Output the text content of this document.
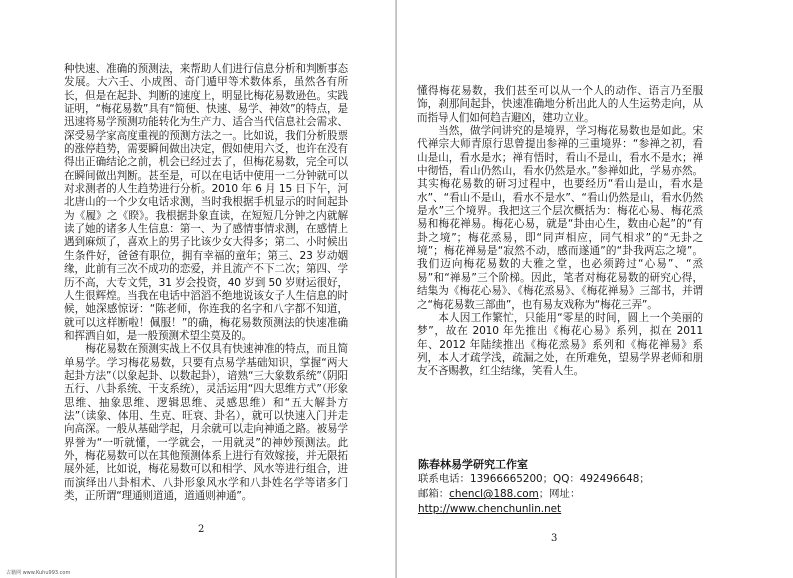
种快速、准确的预测法，来帮助人们进行信息分析和判断事态发展。大六壬、小成图、奇门遁甲等术数体系，虽然各有所长，但是在起卦、判断的速度上，明显比梅花易数逊色。实践证明，“梅花易数”具有“简便、快速、易学、神效”的特点，是迅速将易学预测功能转化为生产力、适合当代信息社会需求、深受易学家高度重视的预测方法之一。比如说，我们分析股票的涨停趋势，需要瞬间做出决定，假如使用六爻，也许在没有得出正确结论之前，机会已经过去了，但梅花易数，完全可以在瞬间做出判断。甚至是，可以在电话中使用一二分钟就可以对求测者的人生趋势进行分析。2010 年 6 月 15 日下午，河北唐山的一个少女电话求测，当时我根据手机显示的时间起卦为《履》之《睽》。我根据卦象直读，在短短几分钟之内就解读了她的诸多人生信息：第一、为了感情事情求测，在感情上遇到麻烦了，喜欢上的男子比该少女大得多；第二、小时候出生条件好，爸爸有职位，拥有幸福的童年；第三、23 岁动姻缘，此前有三次不成功的恋爱，并且流产不下二次；第四、学历不高，大专文凭，31 岁会投资，40 岁到 50 岁财运很好，人生很辉煌。当我在电话中滔滔不绝地说该女子人生信息的时候，她深感惊讶：“陈老师，你连我的名字和八字都不知道，就可以这样断啦！佩服！”的确，梅花易数预测法的快速准确和挥洒自如，是一般预测术望尘莫及的。

梅花易数在预测实战上不仅具有快速神准的特点，而且简单易学。学习梅花易数，只要有点易学基础知识，掌握“两大起卦方法”（以象起卦、以数起卦），谙熟“三大象数系统”（阴阳五行、八卦系统、干支系统），灵活运用“四大思维方式”（形象思维、抽象思维、逻辑思维、灵感思维）和“五大解卦方法”（读象、体用、生克、旺衰、卦名），就可以快速入门并走向高深。一般从基础学起，月余就可以走向神通之路。被易学界誉为“一听就懂，一学就会，一用就灵”的神妙预测法。此外，梅花易数可以在其他预测体系上进行有效嫁接，并无限拓展外延，比如说，梅花易数可以和相学、风水等进行组合，进而演绎出八卦相术、八卦形象风水学和八卦姓名学等诸多门类，正所谓“理通则道通，道通则神通”。

2

懂得梅花易数，我们甚至可以从一个人的动作、语言乃至服饰，刹那间起卦，快速准确地分析出此人的人生运势走向，从而指导人们如何趋吉避凶，建功立业。

当然，做学问讲究的是境界，学习梅花易数也是如此。宋代禅宗大师青原行思曾提出参禅的三重境界：“参禅之初，看山是山，看水是水；禅有悟时，看山不是山，看水不是水；禅中彻悟，看山仍然山，看水仍然是水。”参禅如此，学易亦然。其实梅花易数的研习过程中，也要经历“看山是山，看水是水”、“看山不是山，看水不是水”、“看山仍然是山，看水仍然是水”三个境界。我把这三个层次概括为：梅花心易、梅花烝易和梅花禅易。梅花心易，就是“卦由心生，数由心起”的“有卦之境”；梅花烝易，即“同声相应，同气相求”的“无卦之境”；梅花禅易是“寂然不动，感而遂通”的“卦我两忘之境”。我们迈向梅花易数的大雅之堂，也必须跨过“心易”、“烝易”和“禅易”三个阶梯。因此，笔者对梅花易数的研究心得，结集为《梅花心易》、《梅花烝易》、《梅花禅易》三部书，并谓之“梅花易数三部曲”，也有易友戏称为“梅花三弄”。

本人因工作繁忙，只能用“零星的时间，圆上一个美丽的梦”，故在 2010 年先推出《梅花心易》系列，拟在 2011 年、2012 年陆续推出《梅花烝易》系列和《梅花禅易》系列，本人才疏学浅，疏漏之处，在所难免，望易学界老师和朋友不吝赐教，红尘结缘，笑看人生。

陈春林易学研究工作室
联系电话：13966665200；QQ：492496648；
邮箱：chencl@188.com；网址：http://www.chenchunlin.net
3
古籍网 www.Kuhu993.com
